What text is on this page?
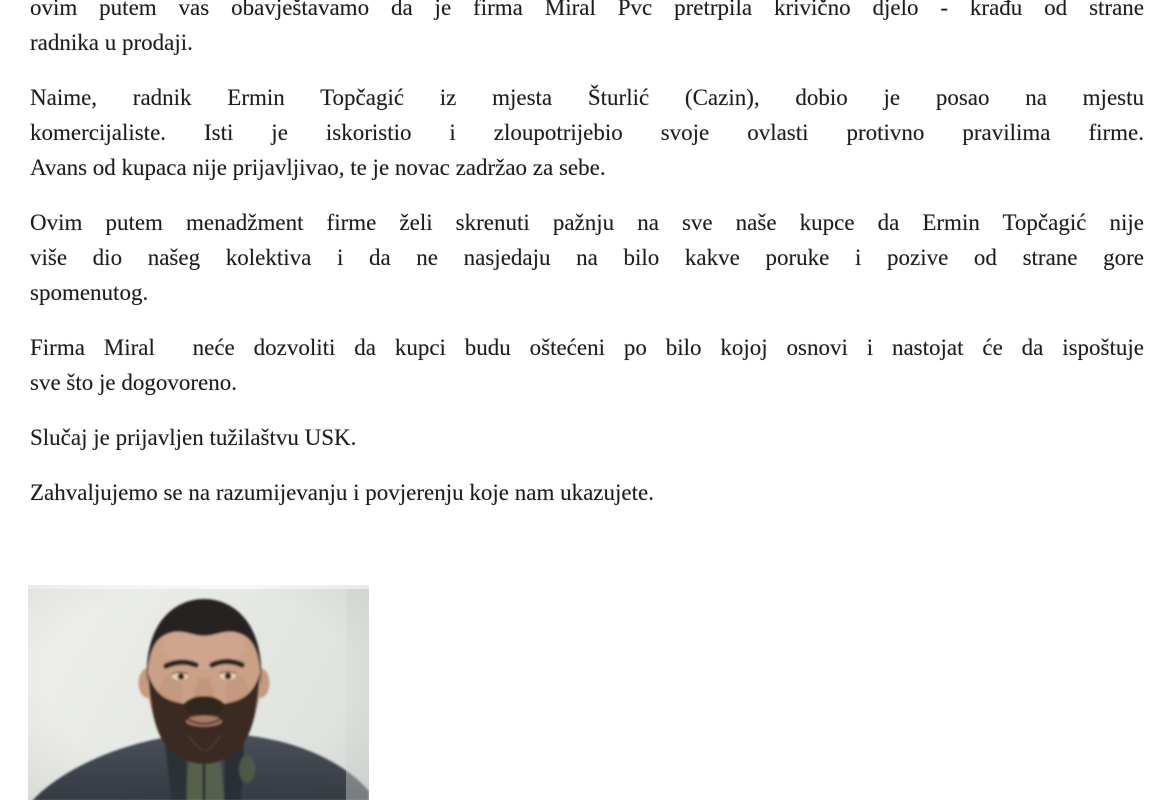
ovim putem vas obavještavamo da je firma Miral Pvc pretrpila krivično djelo - krađu od strane
radnika u prodaji.

Naime, radnik Ermin Topčagić iz mjesta Šturlić (Cazin), dobio je posao na mjestu
komercijaliste. Isti je iskoristio i zloupotrijebio svoje ovlasti protivno pravilima firme.
Avans od kupaca nije prijavljivao, te je novac zadržao za sebe.

Ovim putem menadžment firme želi skrenuti pažnju na sve naše kupce da Ermin Topčagić nije
više dio našeg kolektiva i da ne nasjedaju na bilo kakve poruke i pozive od strane gore
spomenutog.

Firma Miral  neće dozvoliti da kupci budu oštećeni po bilo kojoj osnovi i nastojat će da ispoštuje
sve što je dogovoreno.

Slučaj je prijavljen tužilaštvu USK.

Zahvaljujemo se na razumijevanju i povjerenju koje nam ukazujete.
